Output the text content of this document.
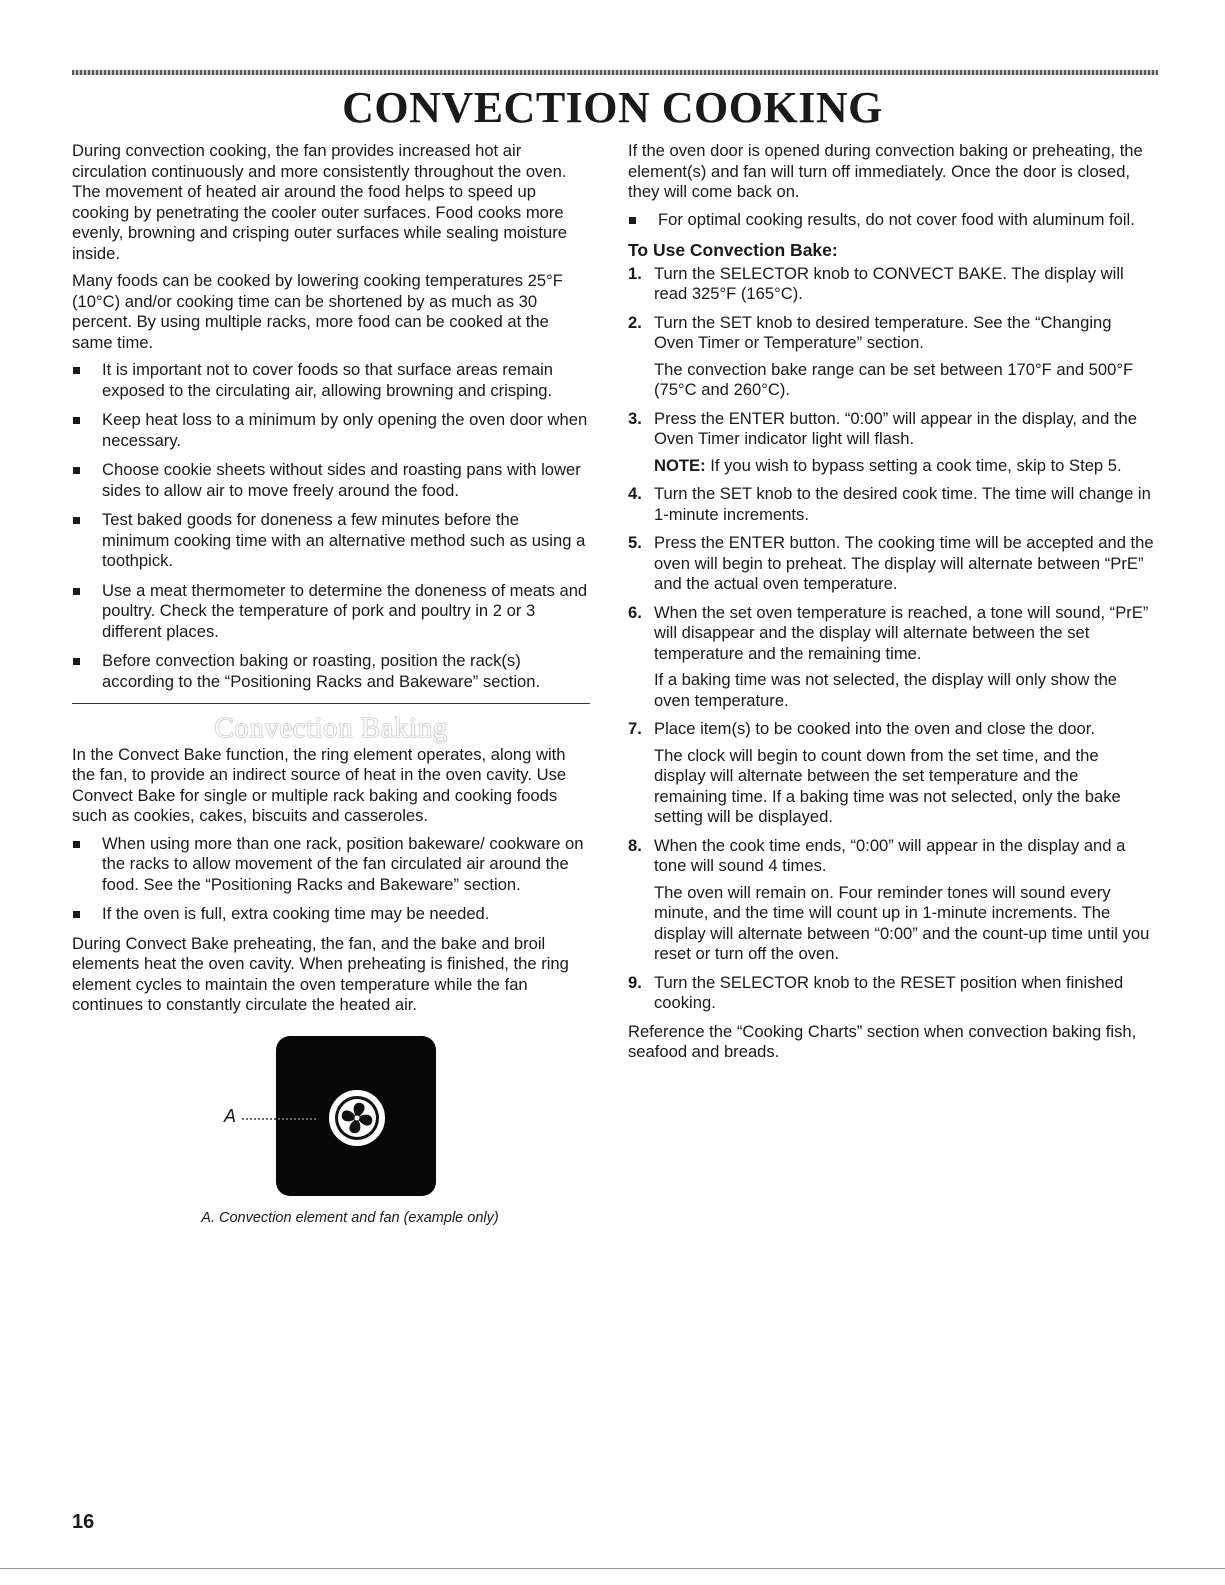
CONVECTION COOKING

During convection cooking, the fan provides increased hot air circulation continuously and more consistently throughout the oven. The movement of heated air around the food helps to speed up cooking by penetrating the cooler outer surfaces. Food cooks more evenly, browning and crisping outer surfaces while sealing moisture inside.

Many foods can be cooked by lowering cooking temperatures 25°F (10°C) and/or cooking time can be shortened by as much as 30 percent. By using multiple racks, more food can be cooked at the same time.

It is important not to cover foods so that surface areas remain exposed to the circulating air, allowing browning and crisping.
Keep heat loss to a minimum by only opening the oven door when necessary.
Choose cookie sheets without sides and roasting pans with lower sides to allow air to move freely around the food.
Test baked goods for doneness a few minutes before the minimum cooking time with an alternative method such as using a toothpick.
Use a meat thermometer to determine the doneness of meats and poultry. Check the temperature of pork and poultry in 2 or 3 different places.
Before convection baking or roasting, position the rack(s) according to the “Positioning Racks and Bakeware” section.
Convection Baking

In the Convect Bake function, the ring element operates, along with the fan, to provide an indirect source of heat in the oven cavity. Use Convect Bake for single or multiple rack baking and cooking foods such as cookies, cakes, biscuits and casseroles.

When using more than one rack, position bakeware/ cookware on the racks to allow movement of the fan circulated air around the food. See the “Positioning Racks and Bakeware” section.
If the oven is full, extra cooking time may be needed.

During Convect Bake preheating, the fan, and the bake and broil elements heat the oven cavity. When preheating is finished, the ring element cycles to maintain the oven temperature while the fan continues to constantly circulate the heated air.

A
A. Convection element and fan (example only)

If the oven door is opened during convection baking or preheating, the element(s) and fan will turn off immediately. Once the door is closed, they will come back on.

For optimal cooking results, do not cover food with aluminum foil.
To Use Convection Bake:
1. Turn the SELECTOR knob to CONVECT BAKE. The display will read 325°F (165°C).
2. Turn the SET knob to desired temperature. See the “Changing Oven Timer or Temperature” section.

The convection bake range can be set between 170°F and 500°F (75°C and 260°C).

3. Press the ENTER button. “0:00” will appear in the display, and the Oven Timer indicator light will flash.

NOTE: If you wish to bypass setting a cook time, skip to Step 5.

4. Turn the SET knob to the desired cook time. The time will change in 1-minute increments.
5. Press the ENTER button. The cooking time will be accepted and the oven will begin to preheat. The display will alternate between “PrE” and the actual oven temperature.
6. When the set oven temperature is reached, a tone will sound, “PrE” will disappear and the display will alternate between the set temperature and the remaining time.

If a baking time was not selected, the display will only show the oven temperature.

7. Place item(s) to be cooked into the oven and close the door.

The clock will begin to count down from the set time, and the display will alternate between the set temperature and the remaining time. If a baking time was not selected, only the bake setting will be displayed.

8. When the cook time ends, “0:00” will appear in the display and a tone will sound 4 times.

The oven will remain on. Four reminder tones will sound every minute, and the time will count up in 1-minute increments. The display will alternate between “0:00” and the count-up time until you reset or turn off the oven.

9. Turn the SELECTOR knob to the RESET position when finished cooking.

Reference the “Cooking Charts” section when convection baking fish, seafood and breads.

16
